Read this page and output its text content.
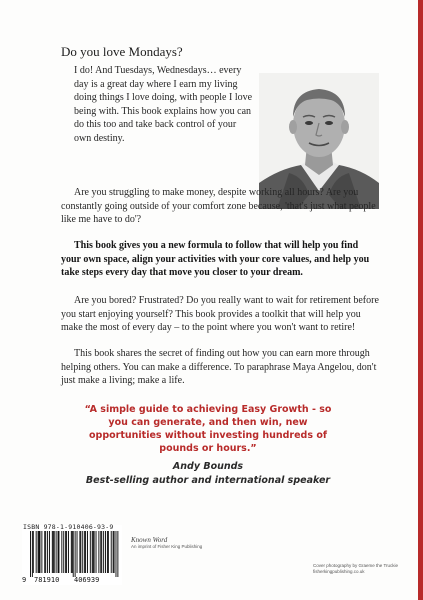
Do you love Mondays?
I do! And Tuesdays, Wednesdays… every day is a great day where I earn my living doing things I love doing, with people I love being with. This book explains how you can do this too and take back control of your own destiny.
Are you struggling to make money, despite working all hours? Are you constantly going outside of your comfort zone because, 'that's just what people like me have to do'?
This book gives you a new formula to follow that will help you find your own space, align your activities with your core values, and help you take steps every day that move you closer to your dream.
Are you bored? Frustrated? Do you really want to wait for retirement before you start enjoying yourself? This book provides a toolkit that will help you make the most of every day – to the point where you won't want to retire!
This book shares the secret of finding out how you can earn more through helping others. You can make a difference. To paraphrase Maya Angelou, don't just make a living; make a life.
“A simple guide to achieving Easy Growth - so
you can generate, and then win, new
opportunities without investing hundreds of
pounds or hours.”
Andy Bounds
Best-selling author and international speaker
9 781910 406939
ISBN 978-1-910406-93-9
Known Word
An imprint of Fisher King Publishing
Cover photography by Graeme the Truckie
fisherkingpublishing.co.uk
